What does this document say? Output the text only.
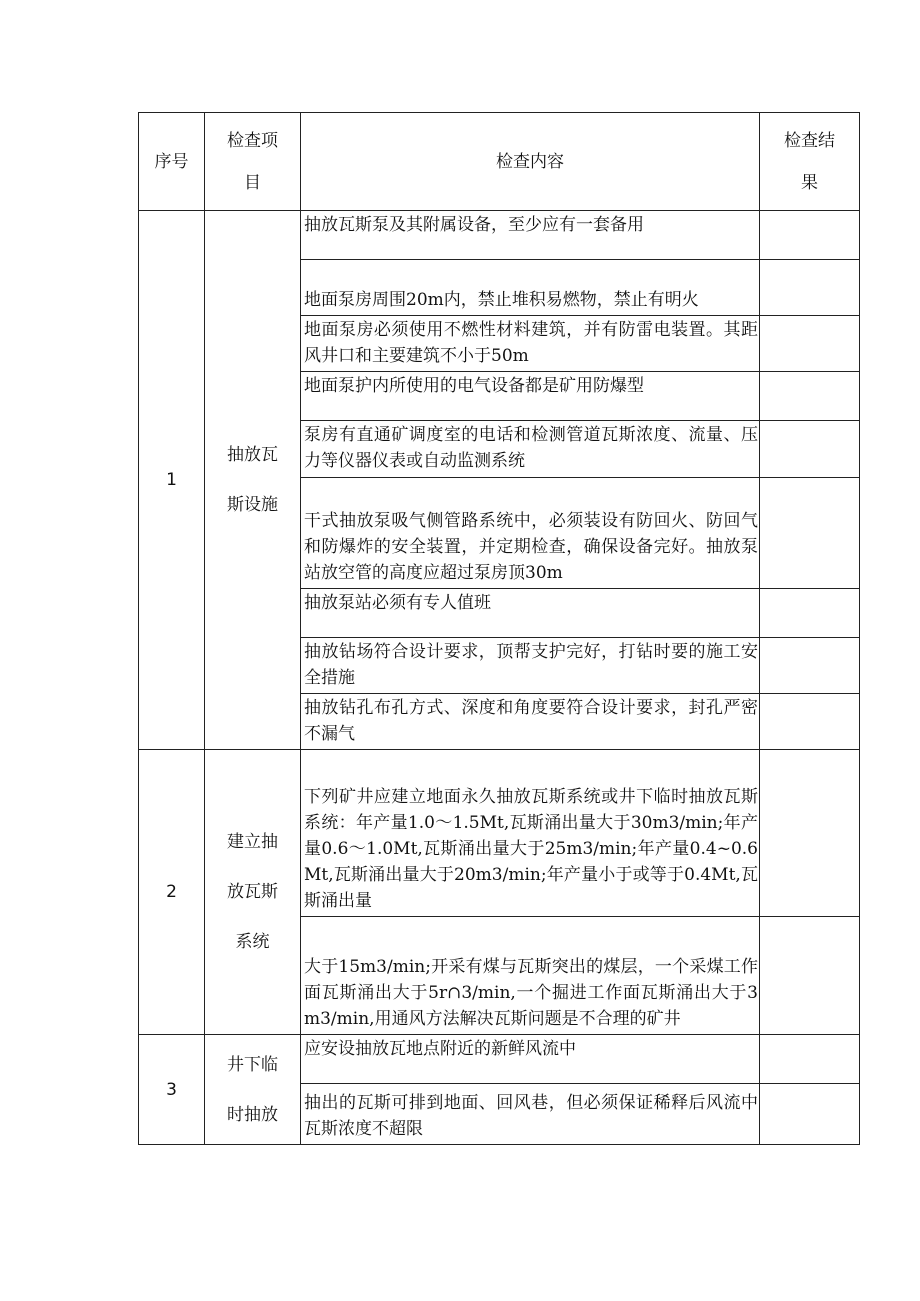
序号	检查项目	检查内容	检查结果
1	抽放瓦斯设施	抽放瓦斯泵及其附属设备，至少应有一套备用	

		地面泵房周围20m内，禁止堆积易燃物，禁止有明火	

		地面泵房必须使用不燃性材料建筑，并有防雷电装置。其距风井口和主要建筑不小于50m	

		地面泵护内所使用的电气设备都是矿用防爆型	

		泵房有直通矿调度室的电话和检测管道瓦斯浓度、流量、压力等仪器仪表或自动监测系统	

		干式抽放泵吸气侧管路系统中，必须装设有防回火、防回气和防爆炸的安全装置，并定期检查，确保设备完好。抽放泵站放空管的高度应超过泵房顶30m	

		抽放泵站必须有专人值班	

		抽放钻场符合设计要求，顶帮支护完好，打钻时要的施工安全措施	

		抽放钻孔布孔方式、深度和角度要符合设计要求，封孔严密不漏气	

2	建立抽放瓦斯系统	下列矿井应建立地面永久抽放瓦斯系统或井下临时抽放瓦斯系统：年产量1.0～1.5Mt,瓦斯涌出量大于30m3∕min;年产量0.6～1.0Mt,瓦斯涌出量大于25m3∕min;年产量0.4~0.6Mt,瓦斯涌出量大于20m3∕min;年产量小于或等于0.4Mt,瓦斯涌出量	

		大于15m3∕min;开采有煤与瓦斯突出的煤层，一个采煤工作面瓦斯涌出大于5r∩3∕min,一个掘进工作面瓦斯涌出大于3m3∕min,用通风方法解决瓦斯问题是不合理的矿井	

3	井下临时抽放	应安设抽放瓦地点附近的新鲜风流中	

		抽出的瓦斯可排到地面、回风巷，但必须保证稀释后风流中瓦斯浓度不超限	
